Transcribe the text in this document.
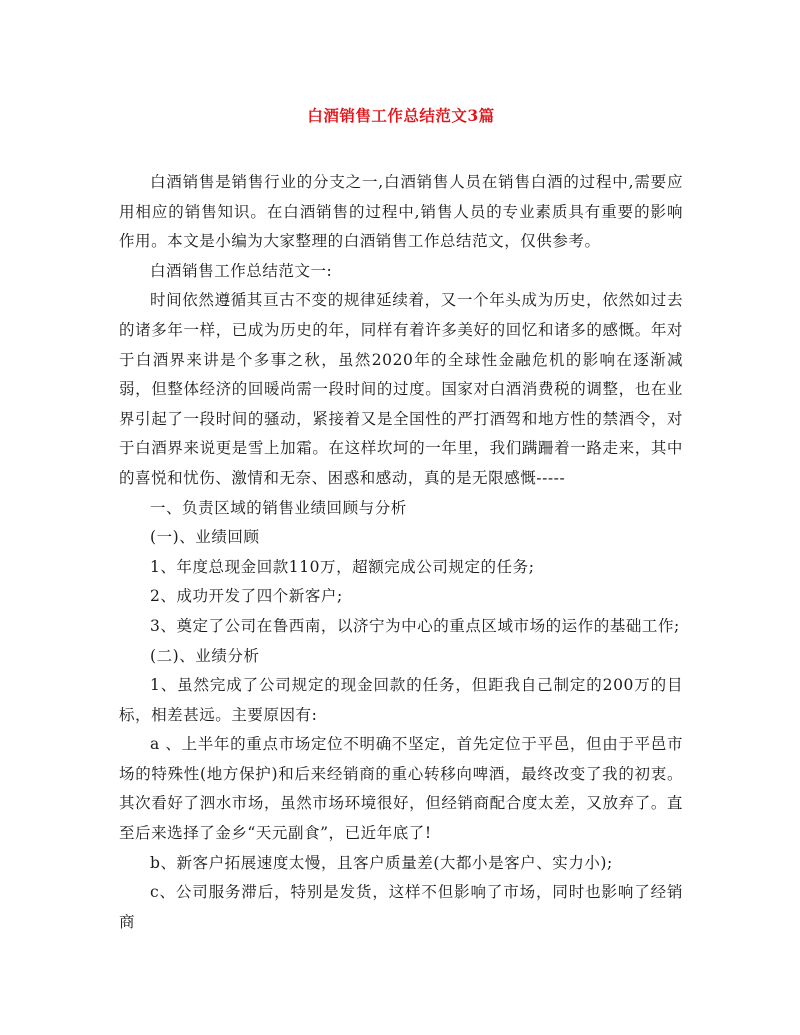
白酒销售工作总结范文3篇

白酒销售是销售行业的分支之一,白酒销售人员在销售白酒的过程中,需要应用相应的销售知识。在白酒销售的过程中,销售人员的专业素质具有重要的影响作用。本文是小编为大家整理的白酒销售工作总结范文，仅供参考。

白酒销售工作总结范文一:

时间依然遵循其亘古不变的规律延续着，又一个年头成为历史，依然如过去的诸多年一样，已成为历史的年，同样有着许多美好的回忆和诸多的感慨。年对于白酒界来讲是个多事之秋，虽然2020年的全球性金融危机的影响在逐渐减弱，但整体经济的回暖尚需一段时间的过度。国家对白酒消费税的调整，也在业界引起了一段时间的骚动，紧接着又是全国性的严打酒驾和地方性的禁酒令，对于白酒界来说更是雪上加霜。在这样坎坷的一年里，我们蹒跚着一路走来，其中的喜悦和忧伤、激情和无奈、困惑和感动，真的是无限感慨-----

一、负责区域的销售业绩回顾与分析

(一)、业绩回顾

1、年度总现金回款110万，超额完成公司规定的任务;

2、成功开发了四个新客户;

3、奠定了公司在鲁西南，以济宁为中心的重点区域市场的运作的基础工作;

(二)、业绩分析

1、虽然完成了公司规定的现金回款的任务，但距我自己制定的200万的目标，相差甚远。主要原因有:

a 、上半年的重点市场定位不明确不坚定，首先定位于平邑，但由于平邑市场的特殊性(地方保护)和后来经销商的重心转移向啤酒，最终改变了我的初衷。其次看好了泗水市场，虽然市场环境很好，但经销商配合度太差，又放弃了。直至后来选择了金乡“天元副食”，已近年底了!

b、新客户拓展速度太慢，且客户质量差(大都小是客户、实力小);

c、公司服务滞后，特别是发货，这样不但影响了市场，同时也影响了经销商
